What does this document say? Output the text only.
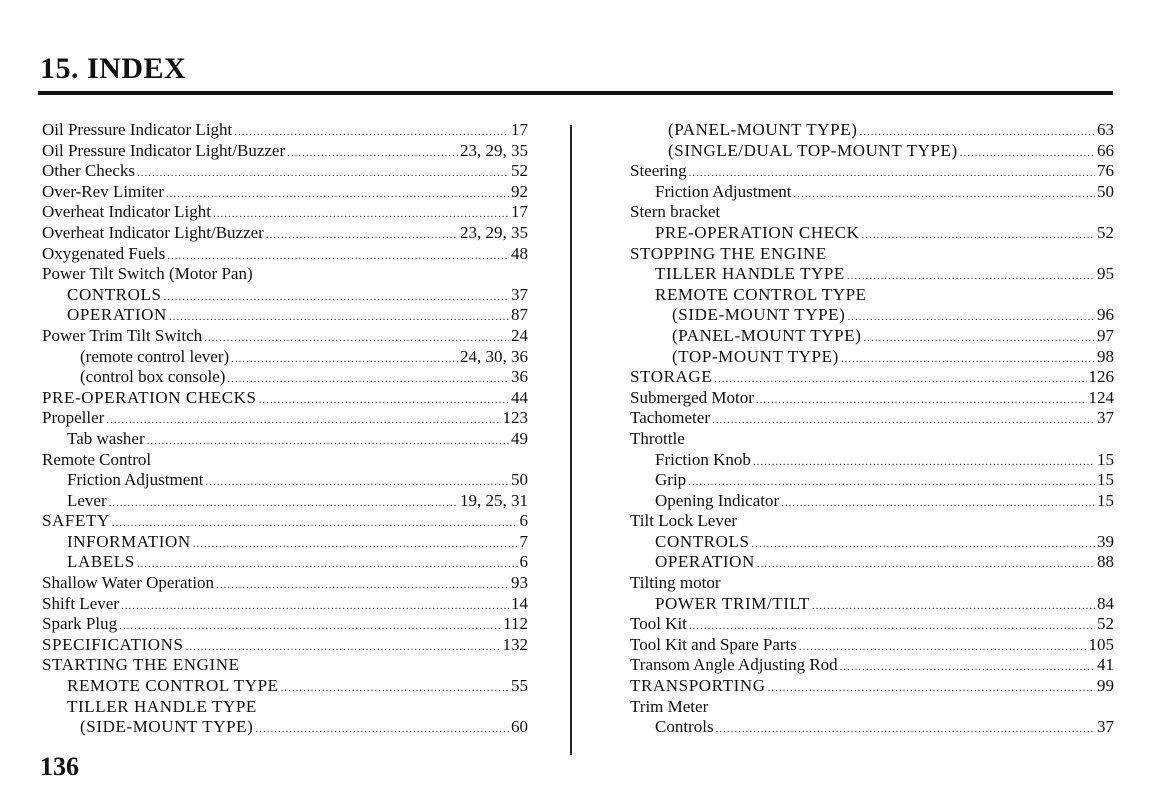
15. INDEX
Oil Pressure Indicator Light .....	17
Oil Pressure Indicator Light/Buzzer .....	23, 29, 35
Other Checks .....	52
Over-Rev Limiter .....	92
Overheat Indicator Light .....	17
Overheat Indicator Light/Buzzer .....	23, 29, 35
Oxygenated Fuels .....	48
Power Tilt Switch (Motor Pan)
CONTROLS .....	37
OPERATION .....	87
Power Trim Tilt Switch .....	24
(remote control lever) .....	24, 30, 36
(control box console) .....	36
PRE-OPERATION CHECKS .....	44
Propeller .....	123
Tab washer .....	49
Remote Control
Friction Adjustment .....	50
Lever .....	19, 25, 31
SAFETY .....	6
INFORMATION .....	7
LABELS .....	6
Shallow Water Operation .....	93
Shift Lever .....	14
Spark Plug .....	112
SPECIFICATIONS .....	132
STARTING THE ENGINE
REMOTE CONTROL TYPE .....	55
TILLER HANDLE TYPE
(SIDE-MOUNT TYPE) .....	60
(PANEL-MOUNT TYPE) .....	63
(SINGLE/DUAL TOP-MOUNT TYPE) .....	66
Steering .....	76
Friction Adjustment .....	50
Stern bracket
PRE-OPERATION CHECK .....	52
STOPPING THE ENGINE
TILLER HANDLE TYPE .....	95
REMOTE CONTROL TYPE
(SIDE-MOUNT TYPE) .....	96
(PANEL-MOUNT TYPE) .....	97
(TOP-MOUNT TYPE) .....	98
STORAGE .....	126
Submerged Motor .....	124
Tachometer .....	37
Throttle
Friction Knob .....	15
Grip .....	15
Opening Indicator .....	15
Tilt Lock Lever
CONTROLS .....	39
OPERATION .....	88
Tilting motor
POWER TRIM/TILT .....	84
Tool Kit .....	52
Tool Kit and Spare Parts .....	105
Transom Angle Adjusting Rod .....	41
TRANSPORTING .....	99
Trim Meter
Controls .....	37
136
